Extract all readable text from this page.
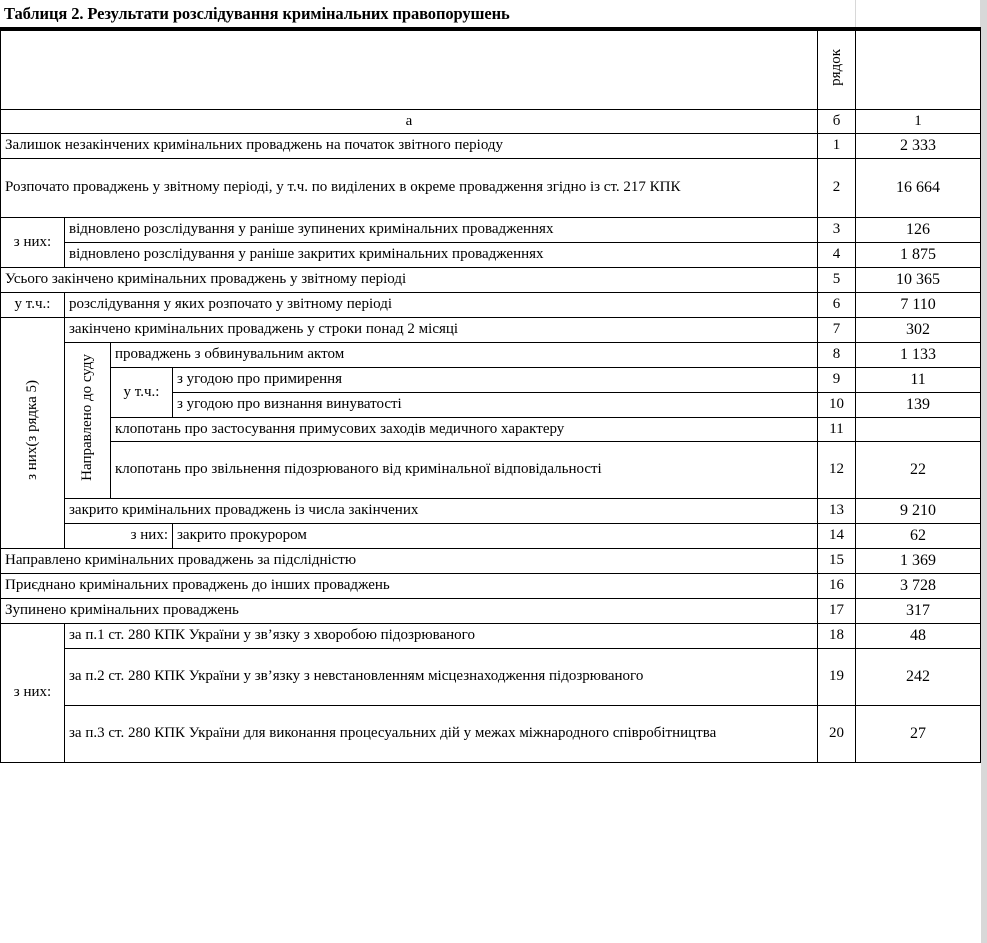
Таблиця 2. Результати розслідування кримінальних правопорушень
				рядок	
а				б	1
Залишок незакінчених кримінальних проваджень на початок звітного періоду				1	2 333
Розпочато проваджень у звітному періоді, у т.ч. по виділених в окреме провадження згідно із ст. 217 КПК				2	16 664
з них:	відновлено розслідування у раніше зупинених кримінальних провадженнях			3	126
	відновлено розслідування у раніше закритих кримінальних провадженнях			4	1 875
Усього закінчено кримінальних проваджень у звітному періоді				5	10 365
у т.ч.:	розслідування у яких розпочато у звітному періоді			6	7 110
з них(з рядка 5)	закінчено кримінальних проваджень у строки понад 2 місяці			7	302
	Направлено до суду	проваджень з обвинувальним актом		8	1 133
		у т.ч.:	з угодою про примирення	9	11
			з угодою про визнання винуватості	10	139
		клопотань про застосування примусових заходів медичного характеру		11	
		клопотань про звільнення підозрюваного від кримінальної відповідальності		12	22
	закрито кримінальних проваджень із числа закінчених			13	9 210
	з них:		закрито прокурором	14	62
Направлено кримінальних проваджень за підслідністю				15	1 369
Приєднано кримінальних проваджень до інших проваджень				16	3 728
Зупинено кримінальних проваджень				17	317
з них:	за п.1 ст. 280 КПК України у зв’язку з хворобою підозрюваного			18	48
	за п.2 ст. 280 КПК України у зв’язку з невстановленням місцезнаходження підозрюваного			19	242
	за п.3 ст. 280 КПК України для виконання процесуальних дій у межах міжнародного співробітництва			20	27
